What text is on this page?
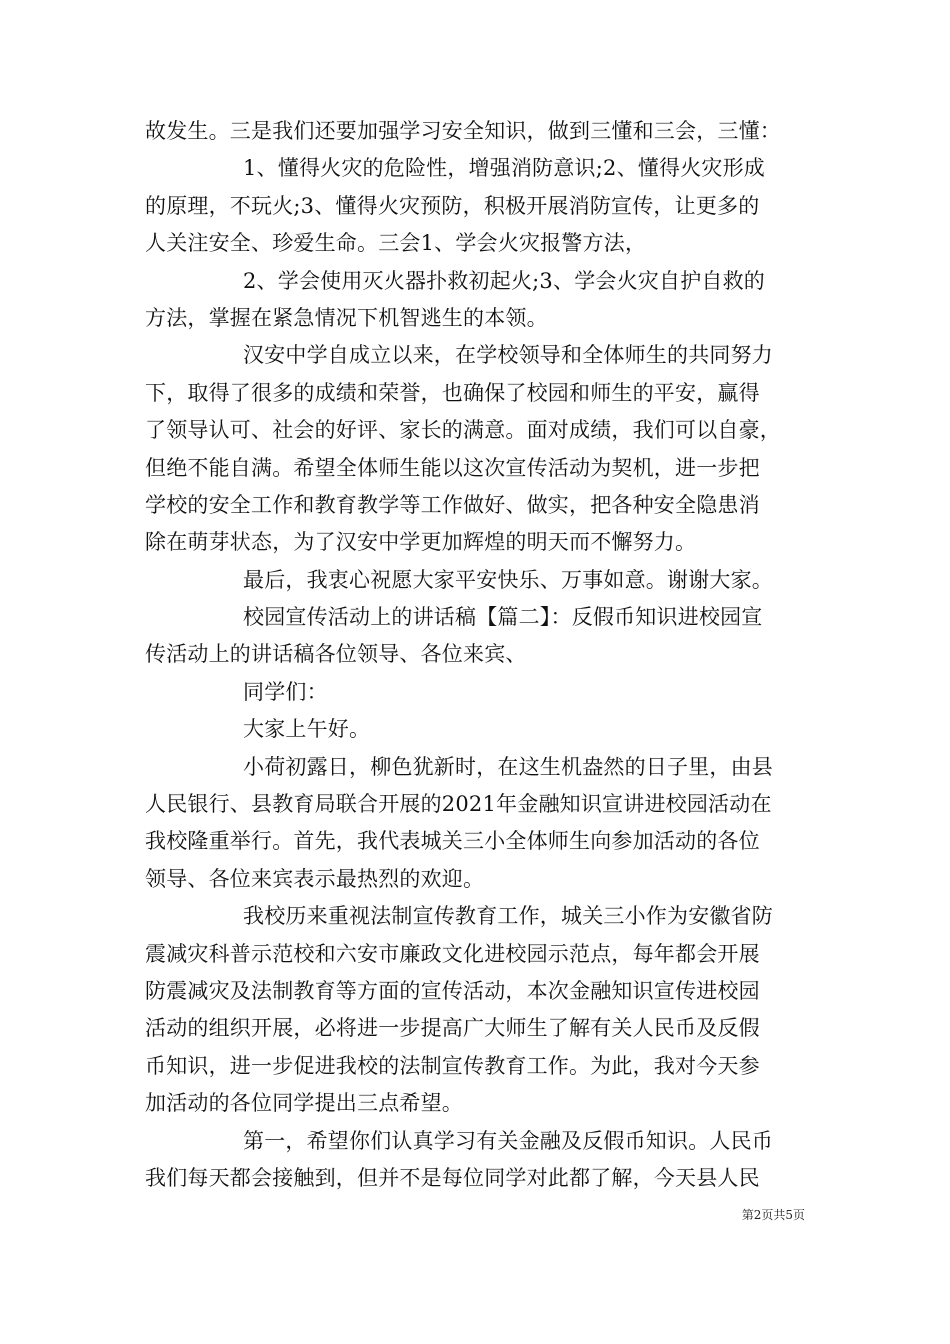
故发生。三是我们还要加强学习安全知识，做到三懂和三会，三懂：
1、懂得火灾的危险性，增强消防意识;2、懂得火灾形成
的原理，不玩火;3、懂得火灾预防，积极开展消防宣传，让更多的
人关注安全、珍爱生命。三会1、学会火灾报警方法，
2、学会使用灭火器扑救初起火;3、学会火灾自护自救的
方法，掌握在紧急情况下机智逃生的本领。
汉安中学自成立以来，在学校领导和全体师生的共同努力
下，取得了很多的成绩和荣誉，也确保了校园和师生的平安，赢得
了领导认可、社会的好评、家长的满意。面对成绩，我们可以自豪，
但绝不能自满。希望全体师生能以这次宣传活动为契机，进一步把
学校的安全工作和教育教学等工作做好、做实，把各种安全隐患消
除在萌芽状态，为了汉安中学更加辉煌的明天而不懈努力。
最后，我衷心祝愿大家平安快乐、万事如意。谢谢大家。
校园宣传活动上的讲话稿【篇二】：反假币知识进校园宣
传活动上的讲话稿各位领导、各位来宾、
同学们：
大家上午好。
小荷初露日，柳色犹新时，在这生机盎然的日子里，由县
人民银行、县教育局联合开展的2021年金融知识宣讲进校园活动在
我校隆重举行。首先，我代表城关三小全体师生向参加活动的各位
领导、各位来宾表示最热烈的欢迎。
我校历来重视法制宣传教育工作，城关三小作为安徽省防
震减灾科普示范校和六安市廉政文化进校园示范点，每年都会开展
防震减灾及法制教育等方面的宣传活动，本次金融知识宣传进校园
活动的组织开展，必将进一步提高广大师生了解有关人民币及反假
币知识，进一步促进我校的法制宣传教育工作。为此，我对今天参
加活动的各位同学提出三点希望。
第一，希望你们认真学习有关金融及反假币知识。人民币
我们每天都会接触到，但并不是每位同学对此都了解，今天县人民
第2页共5页
